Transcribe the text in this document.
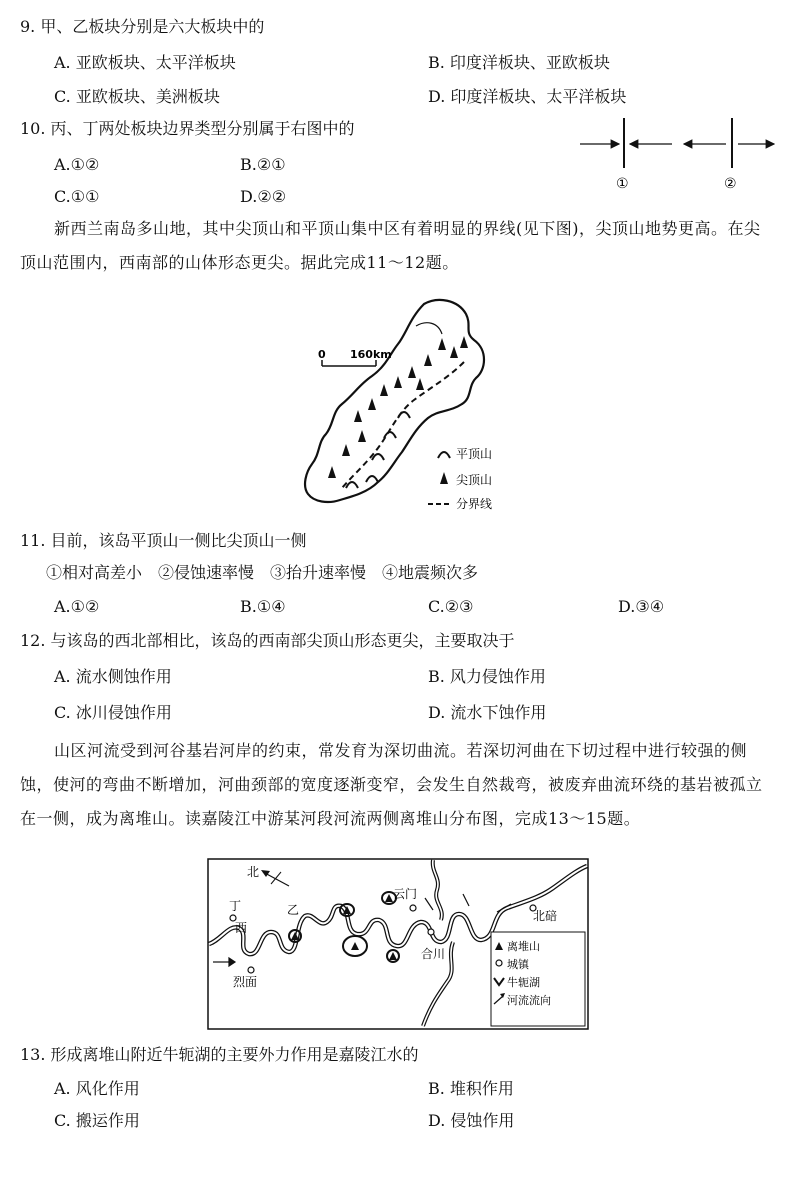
9. 甲、乙板块分别是六大板块中的
A. 亚欧板块、太平洋板块	B. 印度洋板块、亚欧板块
C. 亚欧板块、美洲板块	D. 印度洋板块、太平洋板块
10. 丙、丁两处板块边界类型分别属于右图中的
A.①②	B.②①
C.①①	D.②②
①	②
新西兰南岛多山地，其中尖顶山和平顶山集中区有着明显的界线(见下图)，尖顶山地势更高。在尖顶山范围内，西南部的山体形态更尖。据此完成11～12题。
0 160km
平顶山
尖顶山
分界线
11. 目前，该岛平顶山一侧比尖顶山一侧
①相对高差小　②侵蚀速率慢　③抬升速率慢　④地震频次多
A.①②	B.①④	C.②③	D.③④
12. 与该岛的西北部相比，该岛的西南部尖顶山形态更尖，主要取决于
A. 流水侧蚀作用	B. 风力侵蚀作用
C. 冰川侵蚀作用	D. 流水下蚀作用
山区河流受到河谷基岩河岸的约束，常发育为深切曲流。若深切河曲在下切过程中进行较强的侧蚀，使河的弯曲不断增加，河曲颈部的宽度逐渐变窄，会发生自然裁弯，被废弃曲流环绕的基岩被孤立在一侧，成为离堆山。读嘉陵江中游某河段河流两侧离堆山分布图，完成13～15题。
北
丁
西
乙
云门
北碚
合川
烈面
离堆山
城镇
牛轭湖
河流流向
13. 形成离堆山附近牛轭湖的主要外力作用是嘉陵江水的
A. 风化作用	B. 堆积作用
C. 搬运作用	D. 侵蚀作用
